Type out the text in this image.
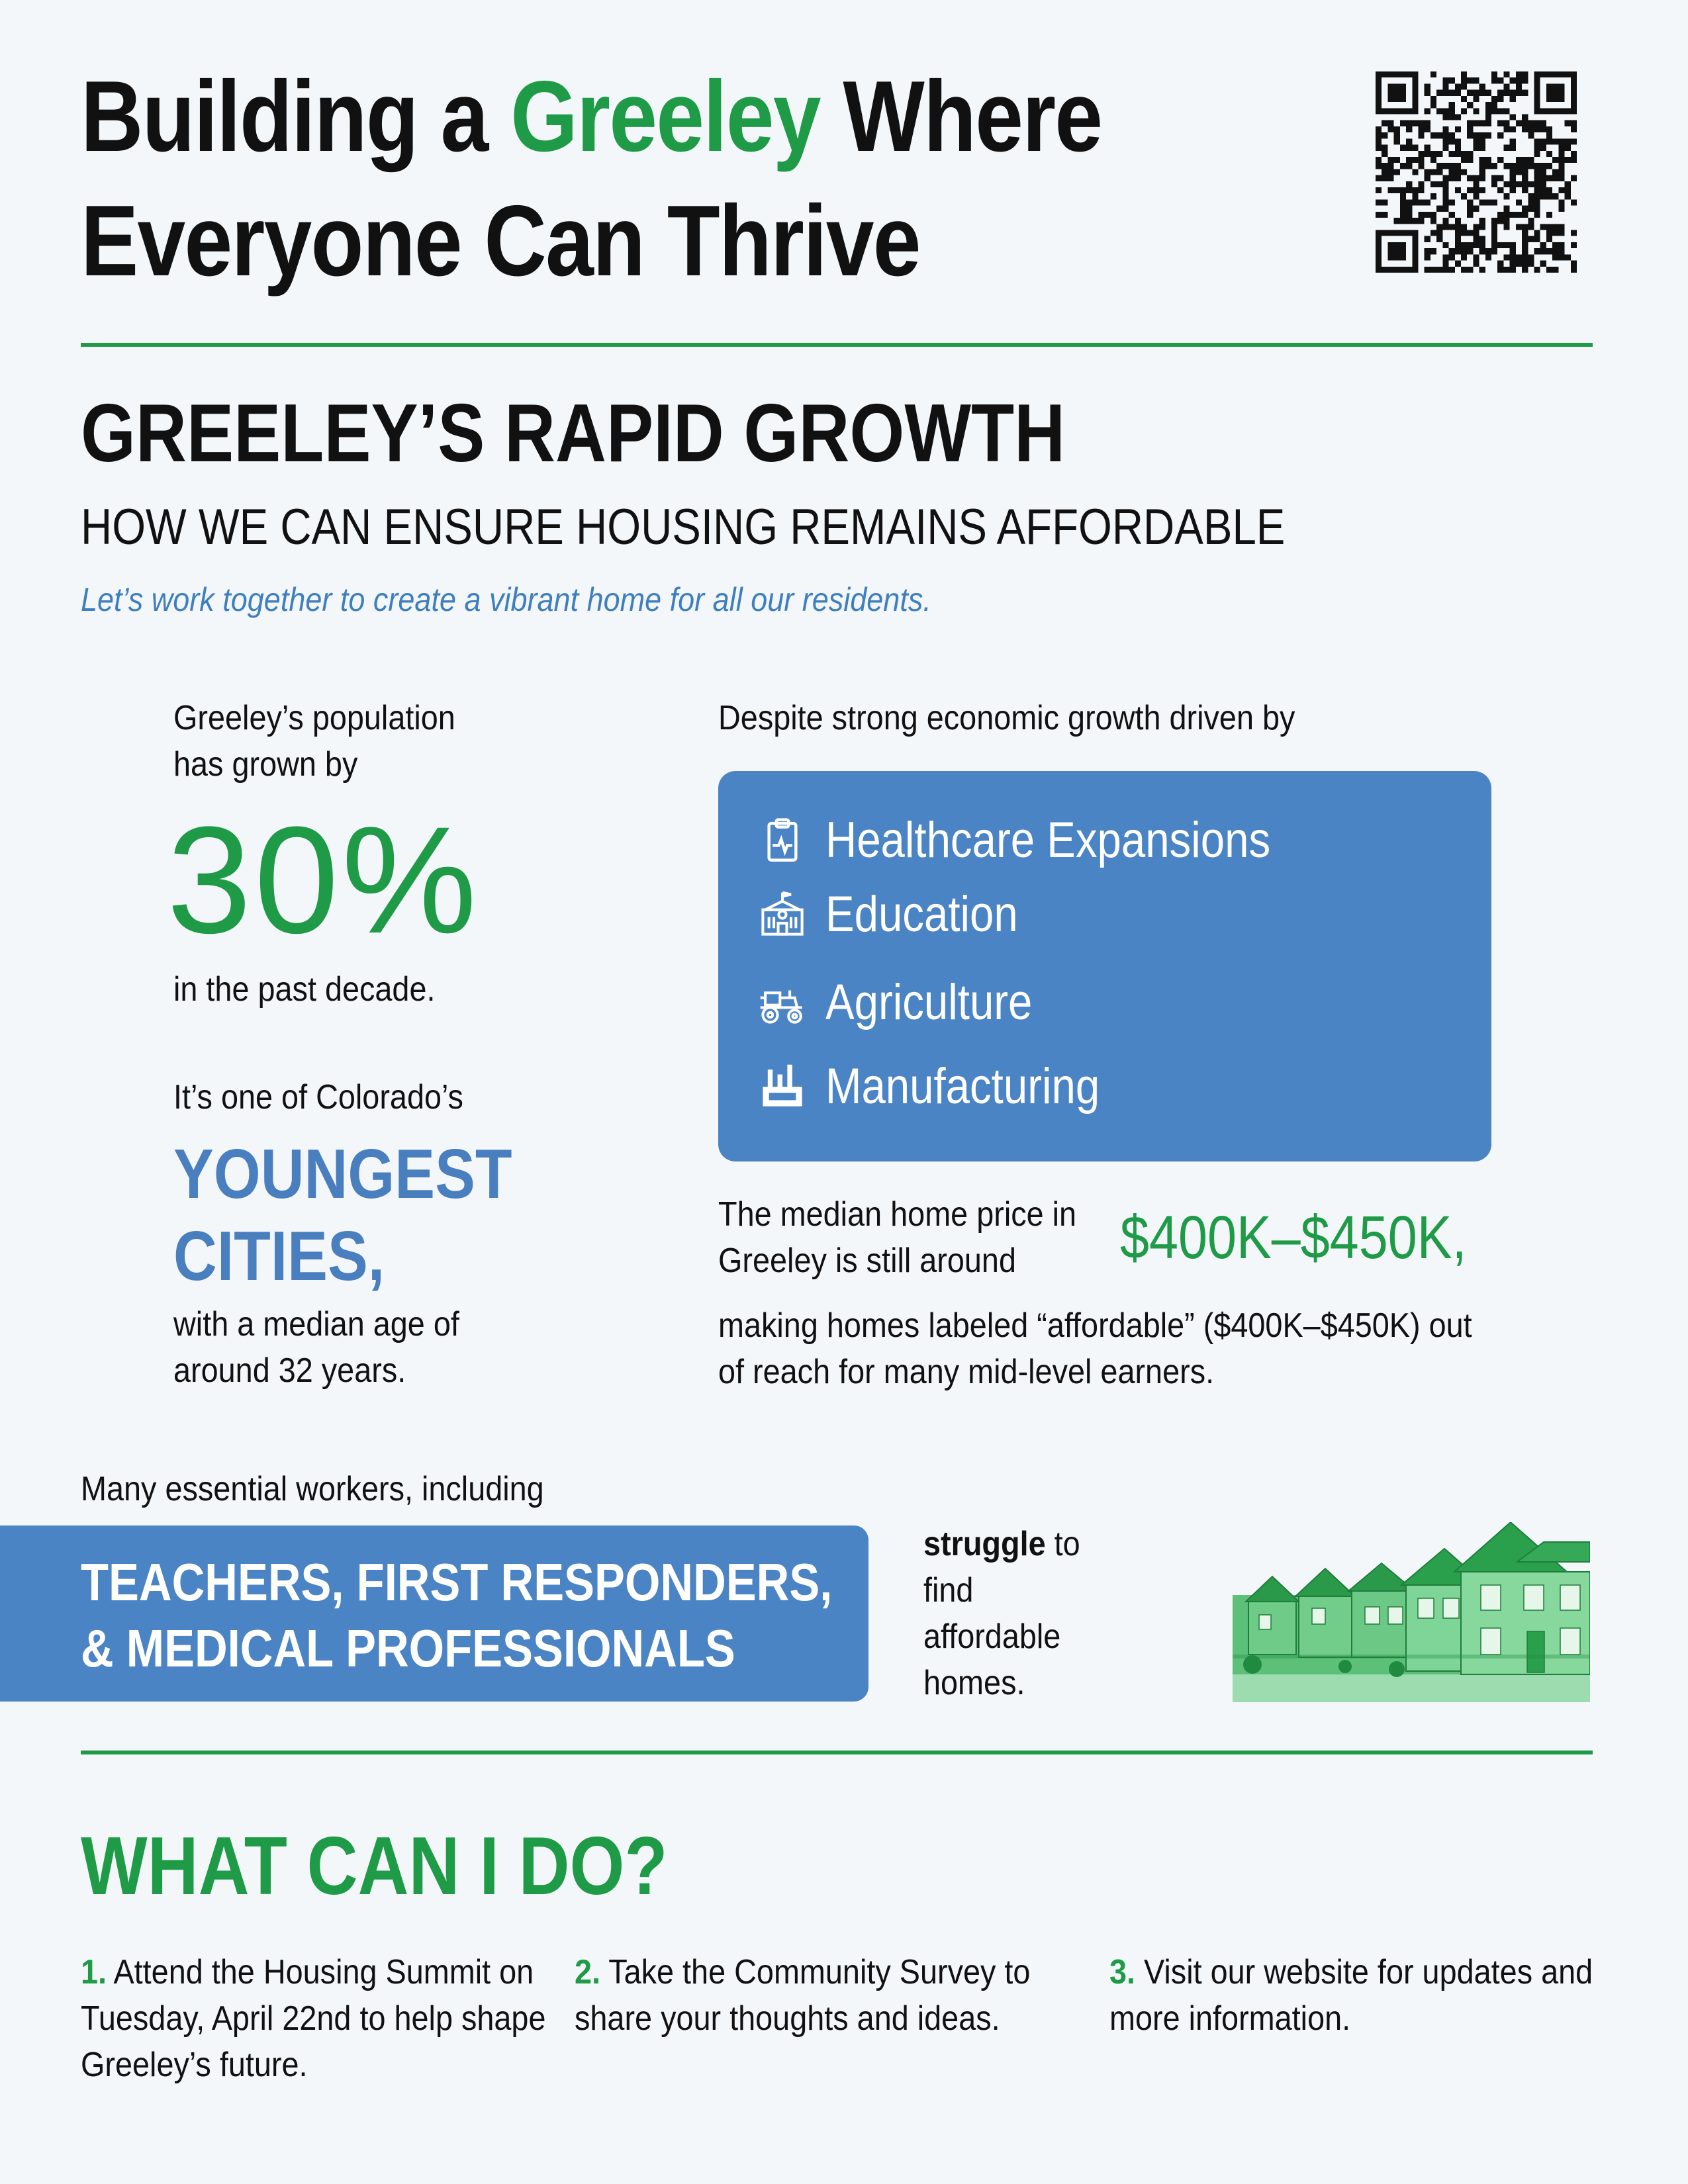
Building a Greeley Where
Everyone Can Thrive
GREELEY’S RAPID GROWTH
HOW WE CAN ENSURE HOUSING REMAINS AFFORDABLE
Let’s work together to create a vibrant home for all our residents.
Greeley’s population has grown by
30%
in the past decade.
It’s one of Colorado’s
YOUNGEST
CITIES,
with a median age of around 32 years.
Despite strong economic growth driven by
Healthcare Expansions
Education
Agriculture
Manufacturing
The median home price in Greeley is still around	$400K–$450K,
making homes labeled “affordable” ($400K–$450K) out of reach for many mid-level earners.
Many essential workers, including
TEACHERS, FIRST RESPONDERS,
& MEDICAL PROFESSIONALS
struggle to find affordable homes.
WHAT CAN I DO?
1. Attend the Housing Summit on Tuesday, April 22nd to help shape Greeley’s future.
2. Take the Community Survey to share your thoughts and ideas.
3. Visit our website for updates and more information.
